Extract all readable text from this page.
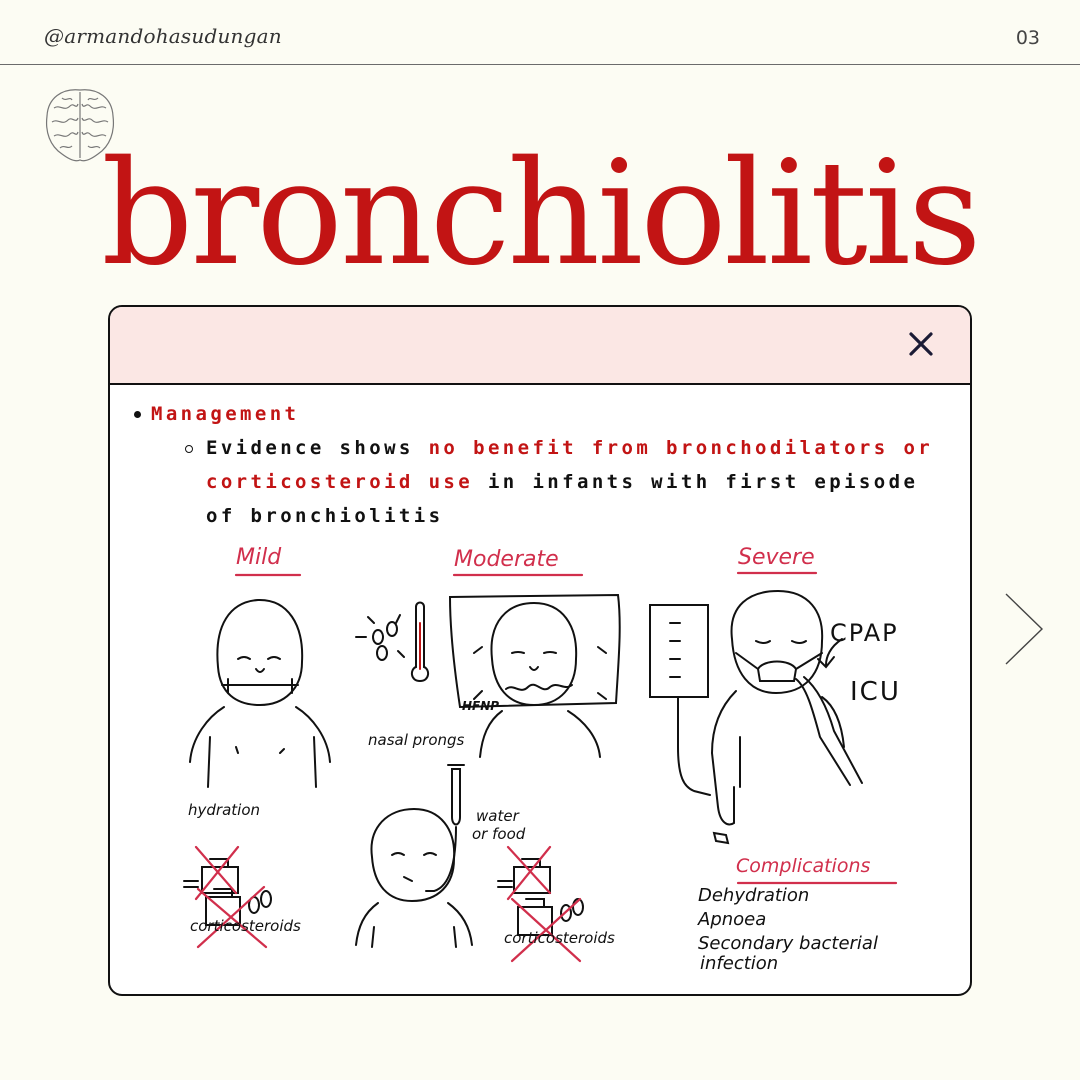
@armandohasudungan	03
bronchiolitis
Management
Evidence shows no benefit from bronchodilators or corticosteroid use in infants with first episode of bronchiolitis
Mild	Moderate	Severe
hydration
corticosteroids
HFNP
nasal prongs
water
or food
corticosteroids
CPAP
ICU
Complications
Dehydration
Apnoea
Secondary bacterial
infection
